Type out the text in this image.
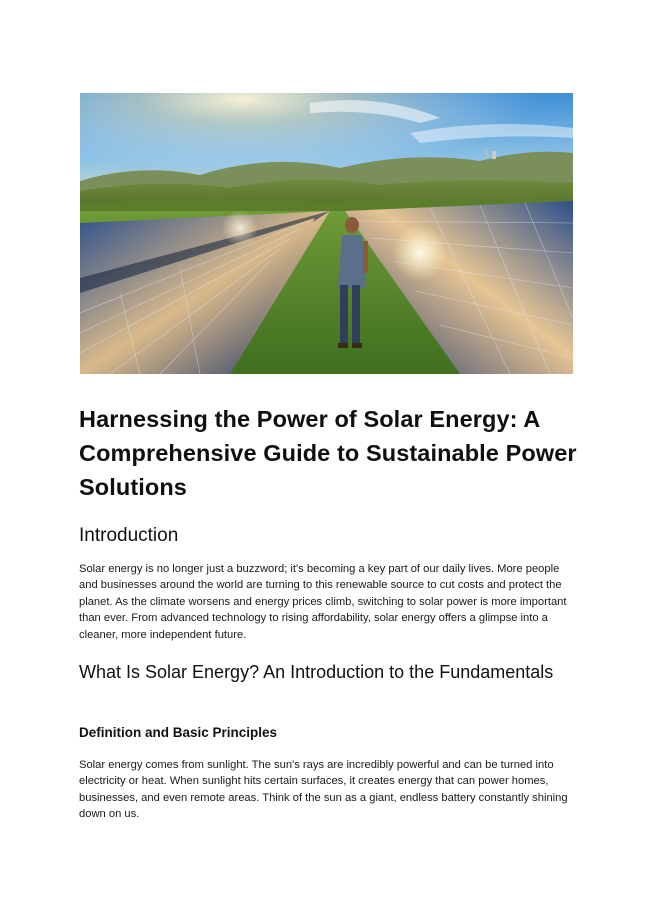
Harnessing the Power of Solar Energy: A Comprehensive Guide to Sustainable Power Solutions
Introduction

Solar energy is no longer just a buzzword; it's becoming a key part of our daily lives. More people and businesses around the world are turning to this renewable source to cut costs and protect the planet. As the climate worsens and energy prices climb, switching to solar power is more important than ever. From advanced technology to rising affordability, solar energy offers a glimpse into a cleaner, more independent future.

What Is Solar Energy? An Introduction to the Fundamentals
Definition and Basic Principles

Solar energy comes from sunlight. The sun's rays are incredibly powerful and can be turned into electricity or heat. When sunlight hits certain surfaces, it creates energy that can power homes, businesses, and even remote areas. Think of the sun as a giant, endless battery constantly shining down on us.
